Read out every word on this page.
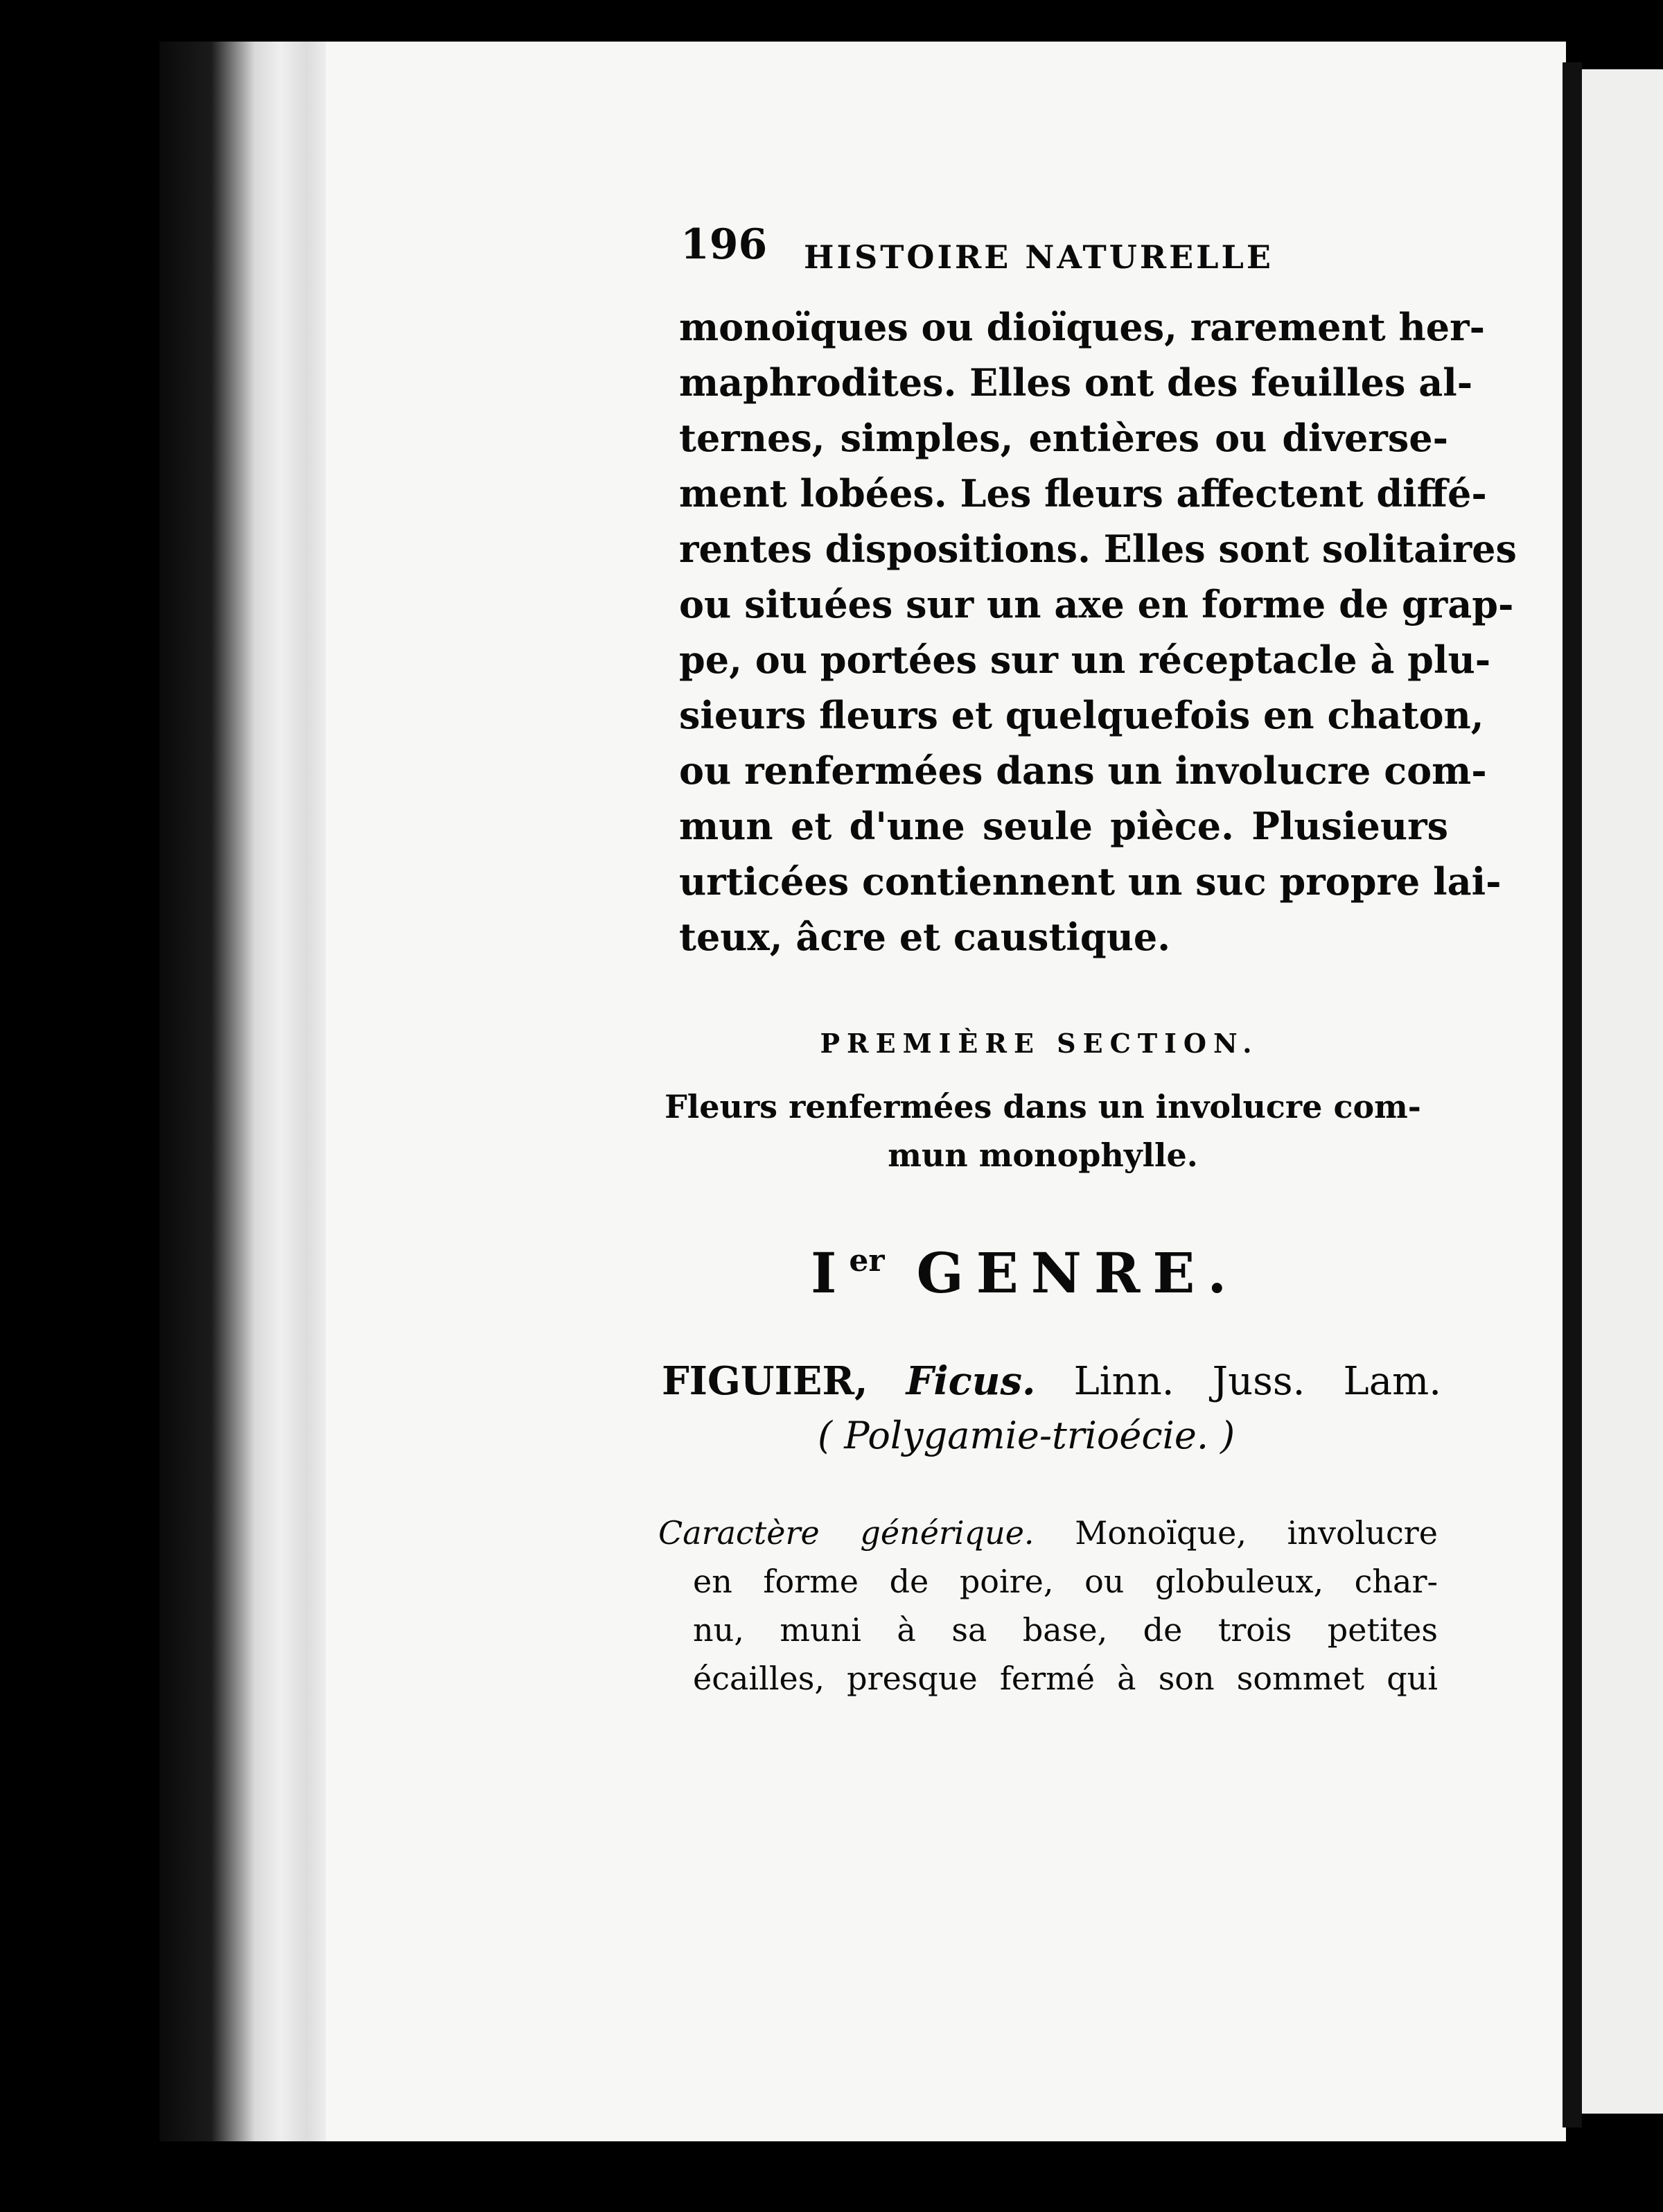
196 HISTOIRE NATURELLE
monoïques ou dioïques, rarement her-
maphrodites. Elles ont des feuilles al-
ternes, simples, entières ou diverse-
ment lobées. Les fleurs affectent diffé-
rentes dispositions. Elles sont solitaires
ou situées sur un axe en forme de grap-
pe, ou portées sur un réceptacle à plu-
sieurs fleurs et quelquefois en chaton,
ou renfermées dans un involucre com-
mun et d'une seule pièce. Plusieurs
urticées contiennent un suc propre lai-
teux, âcre et caustique.
PREMIÈRE SECTION.
Fleurs renfermées dans un involucre com-
mun monophylle.
Ier GENRE.
FIGUIER, Ficus. Linn. Juss. Lam.
( Polygamie-trioécie. )
Caractère générique. Monoïque, involucre
en forme de poire, ou globuleux, char-
nu, muni à sa base, de trois petites
écailles, presque fermé à son sommet qui
